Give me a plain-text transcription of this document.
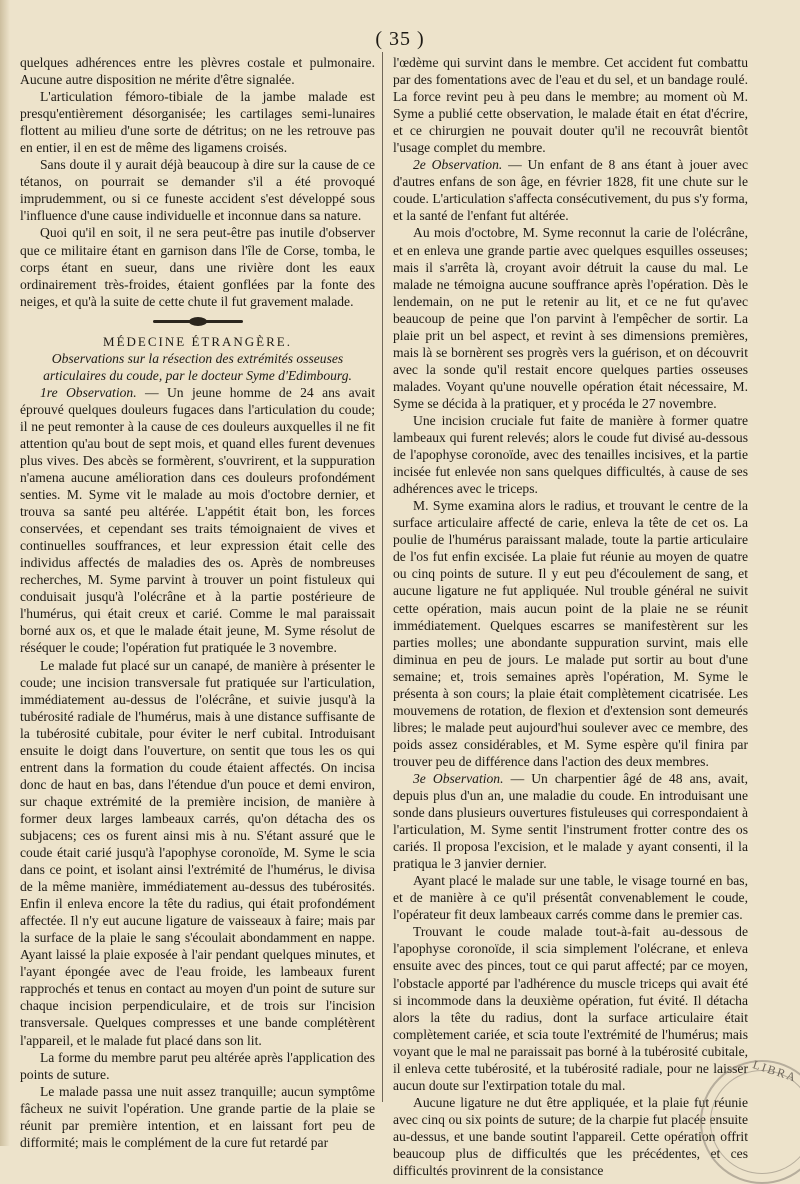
( 35 )

quelques adhérences entre les plèvres costale et pulmonaire. Aucune autre disposition ne mérite d'être signalée.

L'articulation fémoro-tibiale de la jambe malade est presqu'entièrement désorganisée; les cartilages semi-lunaires flottent au milieu d'une sorte de détritus; on ne les retrouve pas en entier, il en est de même des ligamens croisés.

Sans doute il y aurait déjà beaucoup à dire sur la cause de ce tétanos, on pourrait se demander s'il a été provoqué imprudemment, ou si ce funeste accident s'est développé sous l'influence d'une cause individuelle et inconnue dans sa nature.

Quoi qu'il en soit, il ne sera peut-être pas inutile d'observer que ce militaire étant en garnison dans l'île de Corse, tomba, le corps étant en sueur, dans une rivière dont les eaux ordinairement très-froides, étaient gonflées par la fonte des neiges, et qu'à la suite de cette chute il fut gravement malade.

MÉDECINE ÉTRANGÈRE.

Observations sur la résection des extrémités osseuses articulaires du coude, par le docteur Syme d'Edimbourg.

1re Observation. — Un jeune homme de 24 ans avait éprouvé quelques douleurs fugaces dans l'articulation du coude; il ne peut remonter à la cause de ces douleurs auxquelles il ne fit attention qu'au bout de sept mois, et quand elles furent devenues plus vives. Des abcès se formèrent, s'ouvrirent, et la suppuration n'amena aucune amélioration dans ces douleurs profondément senties. M. Syme vit le malade au mois d'octobre dernier, et trouva sa santé peu altérée. L'appétit était bon, les forces conservées, et cependant ses traits témoignaient de vives et continuelles souffrances, et leur expression était celle des individus affectés de maladies des os. Après de nombreuses recherches, M. Syme parvint à trouver un point fistuleux qui conduisait jusqu'à l'olécrâne et à la partie postérieure de l'humérus, qui était creux et carié. Comme le mal paraissait borné aux os, et que le malade était jeune, M. Syme résolut de réséquer le coude; l'opération fut pratiquée le 3 novembre.

Le malade fut placé sur un canapé, de manière à présenter le coude; une incision transversale fut pratiquée sur l'articulation, immédiatement au-dessus de l'olécrâne, et suivie jusqu'à la tubérosité radiale de l'humérus, mais à une distance suffisante de la tubérosité cubitale, pour éviter le nerf cubital. Introduisant ensuite le doigt dans l'ouverture, on sentit que tous les os qui entrent dans la formation du coude étaient affectés. On incisa donc de haut en bas, dans l'étendue d'un pouce et demi environ, sur chaque extrémité de la première incision, de manière à former deux larges lambeaux carrés, qu'on détacha des os subjacens; ces os furent ainsi mis à nu. S'étant assuré que le coude était carié jusqu'à l'apophyse coronoïde, M. Syme le scia dans ce point, et isolant ainsi l'extrémité de l'humérus, le divisa de la même manière, immédiatement au-dessus des tubérosités. Enfin il enleva encore la tête du radius, qui était profondément affectée. Il n'y eut aucune ligature de vaisseaux à faire; mais par la surface de la plaie le sang s'écoulait abondamment en nappe. Ayant laissé la plaie exposée à l'air pendant quelques minutes, et l'ayant épongée avec de l'eau froide, les lambeaux furent rapprochés et tenus en contact au moyen d'un point de suture sur chaque incision perpendiculaire, et de trois sur l'incision transversale. Quelques compresses et une bande complétèrent l'appareil, et le malade fut placé dans son lit.

La forme du membre parut peu altérée après l'application des points de suture.

Le malade passa une nuit assez tranquille; aucun symptôme fâcheux ne suivit l'opération. Une grande partie de la plaie se réunit par première intention, et en laissant fort peu de difformité; mais le complément de la cure fut retardé par

l'œdème qui survint dans le membre. Cet accident fut combattu par des fomentations avec de l'eau et du sel, et un bandage roulé. La force revint peu à peu dans le membre; au moment où M. Syme a publié cette observation, le malade était en état d'écrire, et ce chirurgien ne pouvait douter qu'il ne recouvrât bientôt l'usage complet du membre.

2e Observation. — Un enfant de 8 ans étant à jouer avec d'autres enfans de son âge, en février 1828, fit une chute sur le coude. L'articulation s'affecta consécutivement, du pus s'y forma, et la santé de l'enfant fut altérée.

Au mois d'octobre, M. Syme reconnut la carie de l'olécrâne, et en enleva une grande partie avec quelques esquilles osseuses; mais il s'arrêta là, croyant avoir détruit la cause du mal. Le malade ne témoigna aucune souffrance après l'opération. Dès le lendemain, on ne put le retenir au lit, et ce ne fut qu'avec beaucoup de peine que l'on parvint à l'empêcher de sortir. La plaie prit un bel aspect, et revint à ses dimensions premières, mais là se bornèrent ses progrès vers la guérison, et on découvrit avec la sonde qu'il restait encore quelques parties osseuses malades. Voyant qu'une nouvelle opération était nécessaire, M. Syme se décida à la pratiquer, et y procéda le 27 novembre.

Une incision cruciale fut faite de manière à former quatre lambeaux qui furent relevés; alors le coude fut divisé au-dessous de l'apophyse coronoïde, avec des tenailles incisives, et la partie incisée fut enlevée non sans quelques difficultés, à cause de ses adhérences avec le triceps.

M. Syme examina alors le radius, et trouvant le centre de la surface articulaire affecté de carie, enleva la tête de cet os. La poulie de l'humérus paraissant malade, toute la partie articulaire de l'os fut enfin excisée. La plaie fut réunie au moyen de quatre ou cinq points de suture. Il y eut peu d'écoulement de sang, et aucune ligature ne fut appliquée. Nul trouble général ne suivit cette opération, mais aucun point de la plaie ne se réunit immédiatement. Quelques escarres se manifestèrent sur les parties molles; une abondante suppuration survint, mais elle diminua en peu de jours. Le malade put sortir au bout d'une semaine; et, trois semaines après l'opération, M. Syme le présenta à son cours; la plaie était complètement cicatrisée. Les mouvemens de rotation, de flexion et d'extension sont demeurés libres; le malade peut aujourd'hui soulever avec ce membre, des poids assez considérables, et M. Syme espère qu'il finira par trouver peu de différence dans l'action des deux membres.

3e Observation. — Un charpentier âgé de 48 ans, avait, depuis plus d'un an, une maladie du coude. En introduisant une sonde dans plusieurs ouvertures fistuleuses qui correspondaient à l'articulation, M. Syme sentit l'instrument frotter contre des os cariés. Il proposa l'excision, et le malade y ayant consenti, il la pratiqua le 3 janvier dernier.

Ayant placé le malade sur une table, le visage tourné en bas, et de manière à ce qu'il présentât convenablement le coude, l'opérateur fit deux lambeaux carrés comme dans le premier cas.

Trouvant le coude malade tout-à-fait au-dessous de l'apophyse coronoïde, il scia simplement l'olécrane, et enleva ensuite avec des pinces, tout ce qui parut affecté; par ce moyen, l'obstacle apporté par l'adhérence du muscle triceps qui avait été si incommode dans la deuxième opération, fut évité. Il détacha alors la tête du radius, dont la surface articulaire était complètement cariée, et scia toute l'extrémité de l'humérus; mais voyant que le mal ne paraissait pas borné à la tubérosité cubitale, il enleva cette tubérosité, et la tubérosité radiale, pour ne laisser aucun doute sur l'extirpation totale du mal.

Aucune ligature ne dut être appliquée, et la plaie fut réunie avec cinq ou six points de suture; de la charpie fut placée ensuite au-dessus, et une bande soutint l'appareil. Cette opération offrit beaucoup plus de difficultés que les précédentes, et ces difficultés provinrent de la consistance

LIBRA
